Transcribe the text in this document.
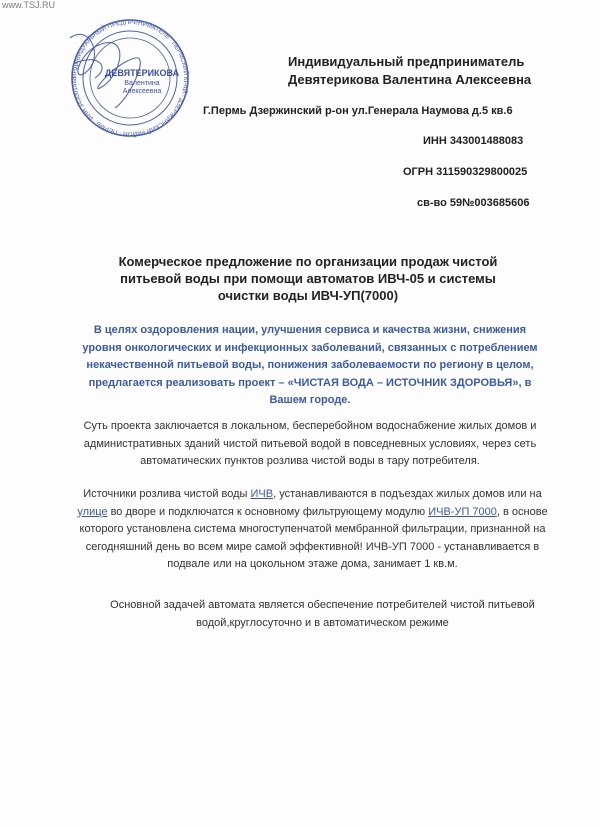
www.TSJ.RU
ИНДИВИДУАЛЬНЫЙ ПРЕДПРИНИМАТЕЛЬ · ПЕРМСКИЙ КРАЙ · ДЗЕРЖИНСКИЙ РАЙОН · ПЕРМЬ · ИНН 343001488
ДЕВЯТЕРИКОВА
Валентина
Алексеевна
Индивидуальный предприниматель
Девятерикова Валентина Алексеевна
Г.Пермь Дзержинский р-он ул.Генерала Наумова д.5 кв.6
ИНН 343001488083
ОГРН 311590329800025
св-во 59№003685606
Комерческое предложение по организации продаж чистой питьевой воды при помощи автоматов ИВЧ-05 и системы очистки воды ИВЧ-УП(7000)
В целях оздоровления нации, улучшения сервиса и качества жизни, снижения уровня онкологических и инфекционных заболеваний, связанных с потреблением некачественной питьевой воды, понижения заболеваемости по региону в целом, предлагается реализовать проект – «ЧИСТАЯ ВОДА – ИСТОЧНИК ЗДОРОВЬЯ», в Вашем городе.
Суть проекта заключается в локальном, бесперебойном водоснабжение жилых домов и административных зданий чистой питьевой водой в повседневных условиях, через сеть автоматических пунктов розлива чистой воды в тару потребителя.
Источники розлива чистой воды ИЧВ, устанавливаются в подъездах жилых домов или на улице во дворе и подключатся к основному фильтрующему модулю ИЧВ-УП 7000, в основе которого установлена система многоступенчатой мембранной фильтрации, признанной на сегодняшний день во всем мире самой эффективной! ИЧВ-УП 7000 - устанавливается в подвале или на цокольном этаже дома, занимает 1 кв.м.
Основной задачей автомата является обеспечение потребителей чистой питьевой водой,круглосуточно и в автоматическом режиме
